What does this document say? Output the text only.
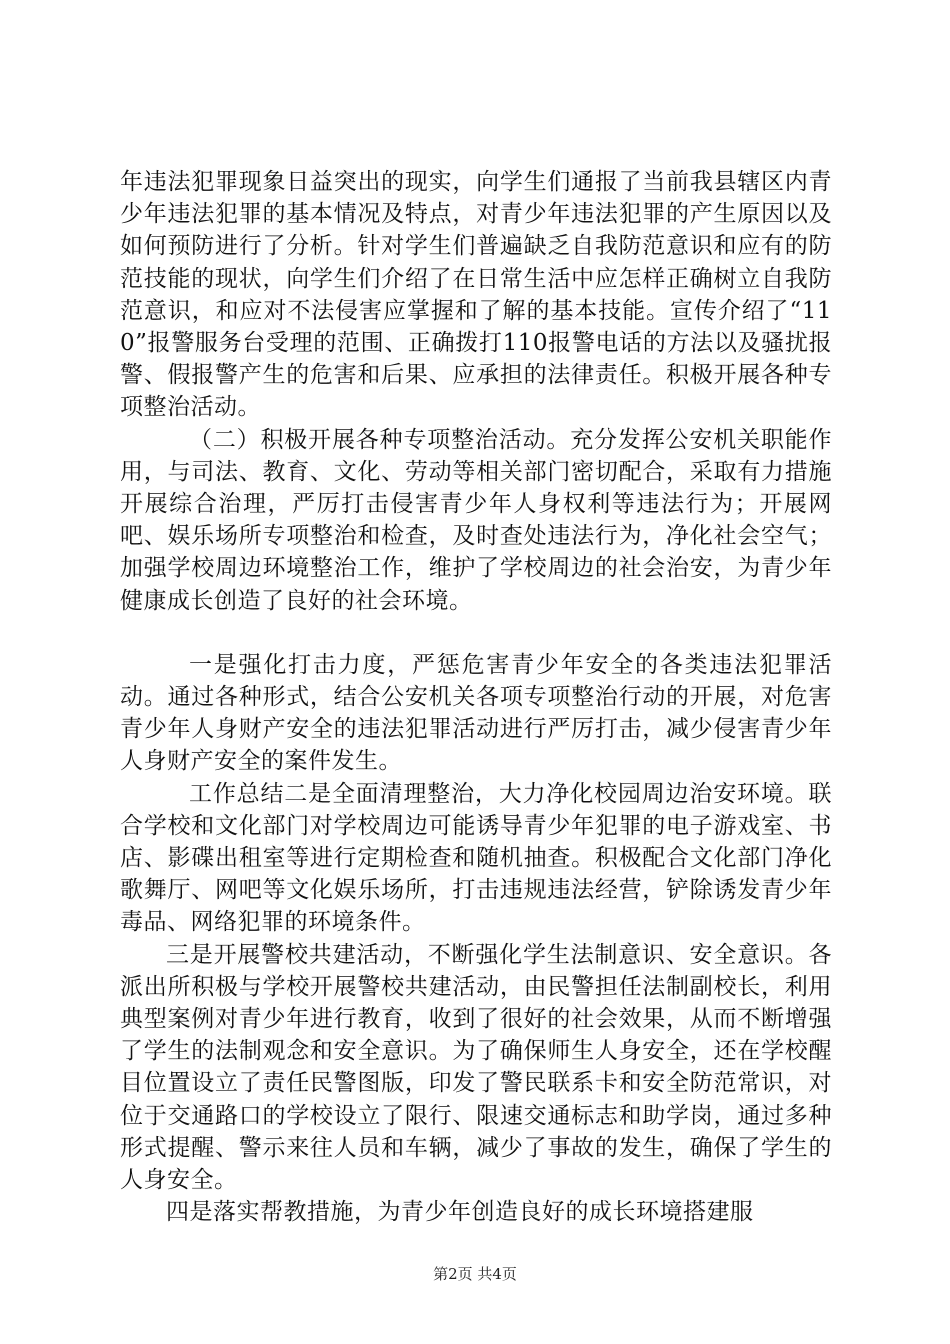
年违法犯罪现象日益突出的现实，向学生们通报了当前我县辖区内青少年违法犯罪的基本情况及特点，对青少年违法犯罪的产生原因以及如何预防进行了分析。针对学生们普遍缺乏自我防范意识和应有的防范技能的现状，向学生们介绍了在日常生活中应怎样正确树立自我防范意识，和应对不法侵害应掌握和了解的基本技能。宣传介绍了“110”报警服务台受理的范围、正确拨打110报警电话的方法以及骚扰报警、假报警产生的危害和后果、应承担的法律责任。积极开展各种专项整治活动。

（二）积极开展各种专项整治活动。充分发挥公安机关职能作用，与司法、教育、文化、劳动等相关部门密切配合，采取有力措施开展综合治理，严厉打击侵害青少年人身权利等违法行为；开展网吧、娱乐场所专项整治和检查，及时查处违法行为，净化社会空气；加强学校周边环境整治工作，维护了学校周边的社会治安，为青少年健康成长创造了良好的社会环境。

一是强化打击力度，严惩危害青少年安全的各类违法犯罪活动。通过各种形式，结合公安机关各项专项整治行动的开展，对危害青少年人身财产安全的违法犯罪活动进行严厉打击，减少侵害青少年人身财产安全的案件发生。

工作总结二是全面清理整治，大力净化校园周边治安环境。联合学校和文化部门对学校周边可能诱导青少年犯罪的电子游戏室、书店、影碟出租室等进行定期检查和随机抽查。积极配合文化部门净化歌舞厅、网吧等文化娱乐场所，打击违规违法经营，铲除诱发青少年毒品、网络犯罪的环境条件。

三是开展警校共建活动，不断强化学生法制意识、安全意识。各派出所积极与学校开展警校共建活动，由民警担任法制副校长，利用典型案例对青少年进行教育，收到了很好的社会效果，从而不断增强了学生的法制观念和安全意识。为了确保师生人身安全，还在学校醒目位置设立了责任民警图版，印发了警民联系卡和安全防范常识，对位于交通路口的学校设立了限行、限速交通标志和助学岗，通过多种形式提醒、警示来往人员和车辆，减少了事故的发生，确保了学生的人身安全。

四是落实帮教措施，为青少年创造良好的成长环境搭建服

第2页 共4页
